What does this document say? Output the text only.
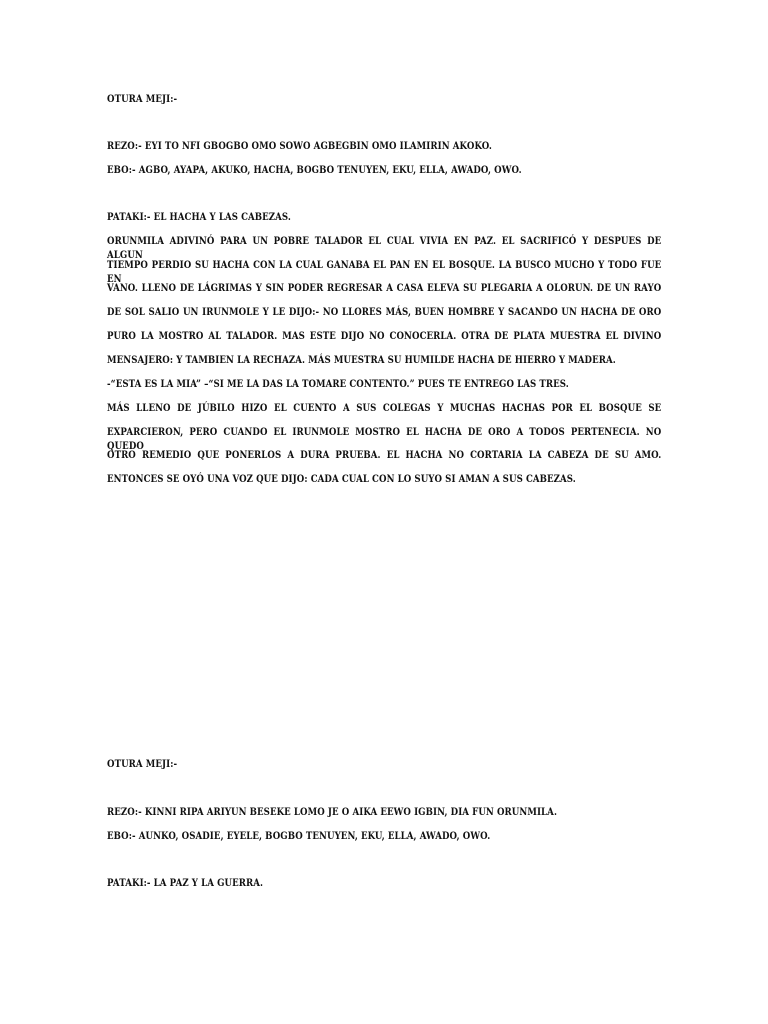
OTURA MEJI:-
REZO:- EYI TO NFI GBOGBO OMO SOWO AGBEGBIN OMO ILAMIRIN AKOKO.
EBO:- AGBO, AYAPA, AKUKO, HACHA, BOGBO TENUYEN, EKU, ELLA, AWADO, OWO.
PATAKI:- EL HACHA Y LAS CABEZAS.
ORUNMILA ADIVINÓ PARA UN POBRE TALADOR EL CUAL VIVIA EN PAZ. EL SACRIFICÓ Y DESPUES DE ALGUN
TIEMPO PERDIO SU HACHA CON LA CUAL GANABA EL PAN EN EL BOSQUE. LA BUSCO MUCHO Y TODO FUE EN
VANO. LLENO DE LÁGRIMAS Y SIN PODER REGRESAR A CASA ELEVA SU PLEGARIA A OLORUN. DE UN RAYO
DE SOL SALIO UN IRUNMOLE Y LE DIJO:- NO LLORES MÁS, BUEN HOMBRE Y SACANDO UN HACHA DE ORO
PURO LA MOSTRO AL TALADOR. MAS ESTE DIJO NO CONOCERLA. OTRA DE PLATA MUESTRA EL DIVINO
MENSAJERO: Y TAMBIEN LA RECHAZA. MÁS MUESTRA SU HUMILDE HACHA DE HIERRO Y MADERA.
-“ESTA ES LA MIA” –“SI ME LA DAS LA TOMARE CONTENTO.” PUES TE ENTREGO LAS TRES.
MÁS LLENO DE JÚBILO HIZO EL CUENTO A SUS COLEGAS Y MUCHAS HACHAS POR EL BOSQUE SE
EXPARCIERON, PERO CUANDO EL IRUNMOLE MOSTRO EL HACHA DE ORO A TODOS PERTENECIA. NO QUEDO
OTRO REMEDIO QUE PONERLOS A DURA PRUEBA. EL HACHA NO CORTARIA LA CABEZA DE SU AMO.
ENTONCES SE OYÓ UNA VOZ QUE DIJO: CADA CUAL CON LO SUYO SI AMAN A SUS CABEZAS.
OTURA MEJI:-
REZO:- KINNI RIPA ARIYUN BESEKE LOMO JE O AIKA EEWO IGBIN, DIA FUN ORUNMILA.
EBO:- AUNKO, OSADIE, EYELE, BOGBO TENUYEN, EKU, ELLA, AWADO, OWO.
PATAKI:- LA PAZ Y LA GUERRA.
